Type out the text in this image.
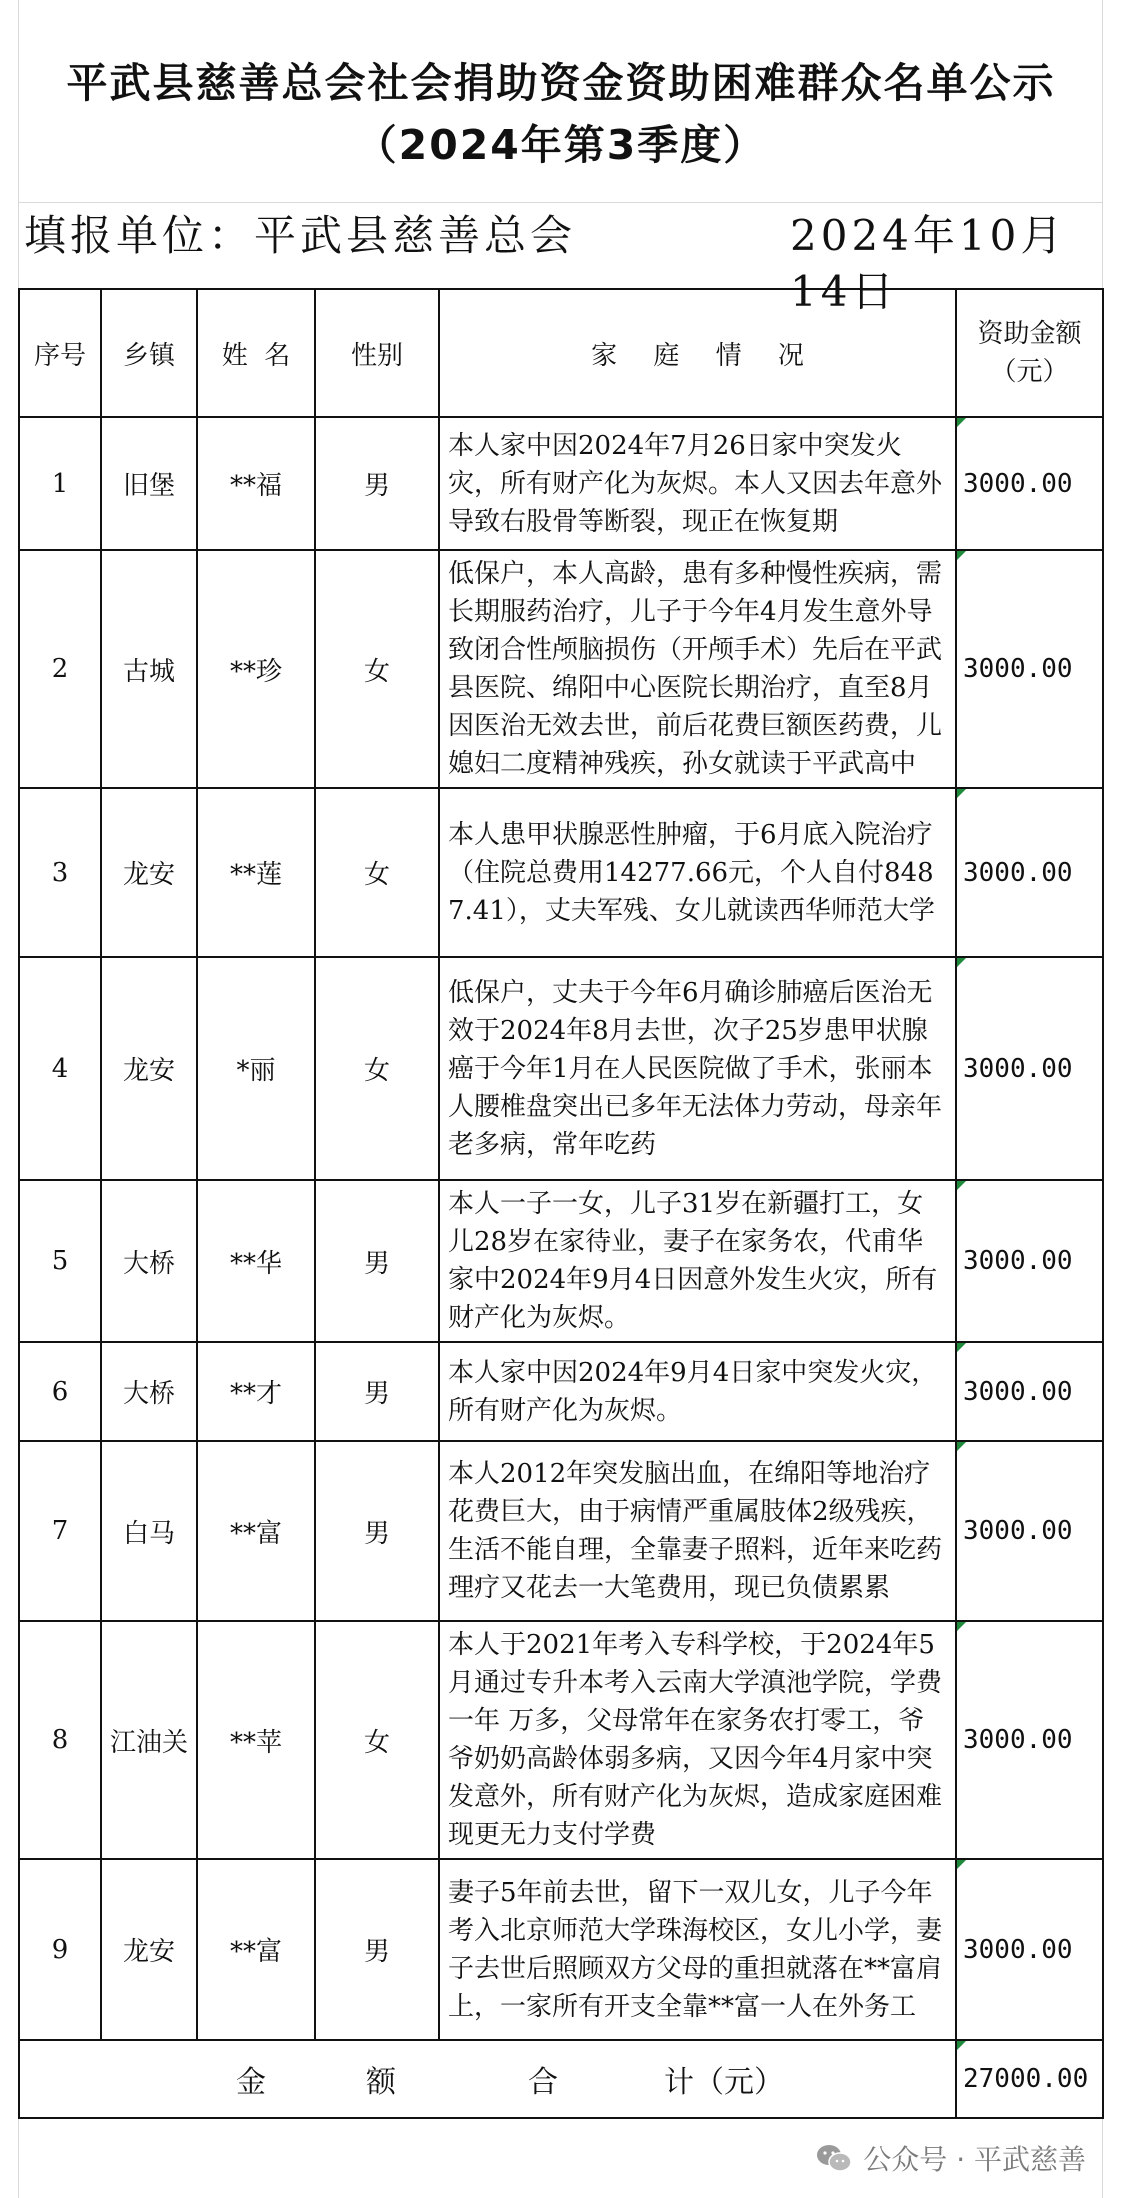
平武县慈善总会社会捐助资金资助困难群众名单公示（2024年第3季度）
填报单位：平武县慈善总会	2024年10月14日
序号	乡镇	姓  名	性别	家 庭 情 况	资助金额（元）
1	旧堡	**福	男	本人家中因2024年7月26日家中突发火灾，所有财产化为灰烬。本人又因去年意外导致右股骨等断裂，现正在恢复期	3000.00
2	古城	**珍	女	低保户，本人高龄，患有多种慢性疾病，需长期服药治疗，儿子于今年4月发生意外导致闭合性颅脑损伤（开颅手术）先后在平武县医院、绵阳中心医院长期治疗，直至8月因医治无效去世，前后花费巨额医药费，儿媳妇二度精神残疾，孙女就读于平武高中	3000.00
3	龙安	**莲	女	本人患甲状腺恶性肿瘤，于6月底入院治疗（住院总费用14277.66元，个人自付8487.41），丈夫军残、女儿就读西华师范大学	3000.00
4	龙安	*丽	女	低保户，丈夫于今年6月确诊肺癌后医治无效于2024年8月去世，次子25岁患甲状腺癌于今年1月在人民医院做了手术，张丽本人腰椎盘突出已多年无法体力劳动，母亲年老多病，常年吃药	3000.00
5	大桥	**华	男	本人一子一女，儿子31岁在新疆打工，女儿28岁在家待业，妻子在家务农，代甫华家中2024年9月4日因意外发生火灾，所有财产化为灰烬。	3000.00
6	大桥	**才	男	本人家中因2024年9月4日家中突发火灾，所有财产化为灰烬。	3000.00
7	白马	**富	男	本人2012年突发脑出血，在绵阳等地治疗花费巨大，由于病情严重属肢体2级残疾，生活不能自理，全靠妻子照料，近年来吃药理疗又花去一大笔费用，现已负债累累	3000.00
8	江油关	**苹	女	本人于2021年考入专科学校，于2024年5月通过专升本考入云南大学滇池学院，学费一年 万多，父母常年在家务农打零工，爷爷奶奶高龄体弱多病，又因今年4月家中突发意外，所有财产化为灰烬，造成家庭困难现更无力支付学费	3000.00
9	龙安	**富	男	妻子5年前去世，留下一双儿女，儿子今年考入北京师范大学珠海校区，女儿小学，妻子去世后照顾双方父母的重担就落在**富肩上，一家所有开支全靠**富一人在外务工	3000.00
金 额 合 计（元）					27000.00
公众号 · 平武慈善
